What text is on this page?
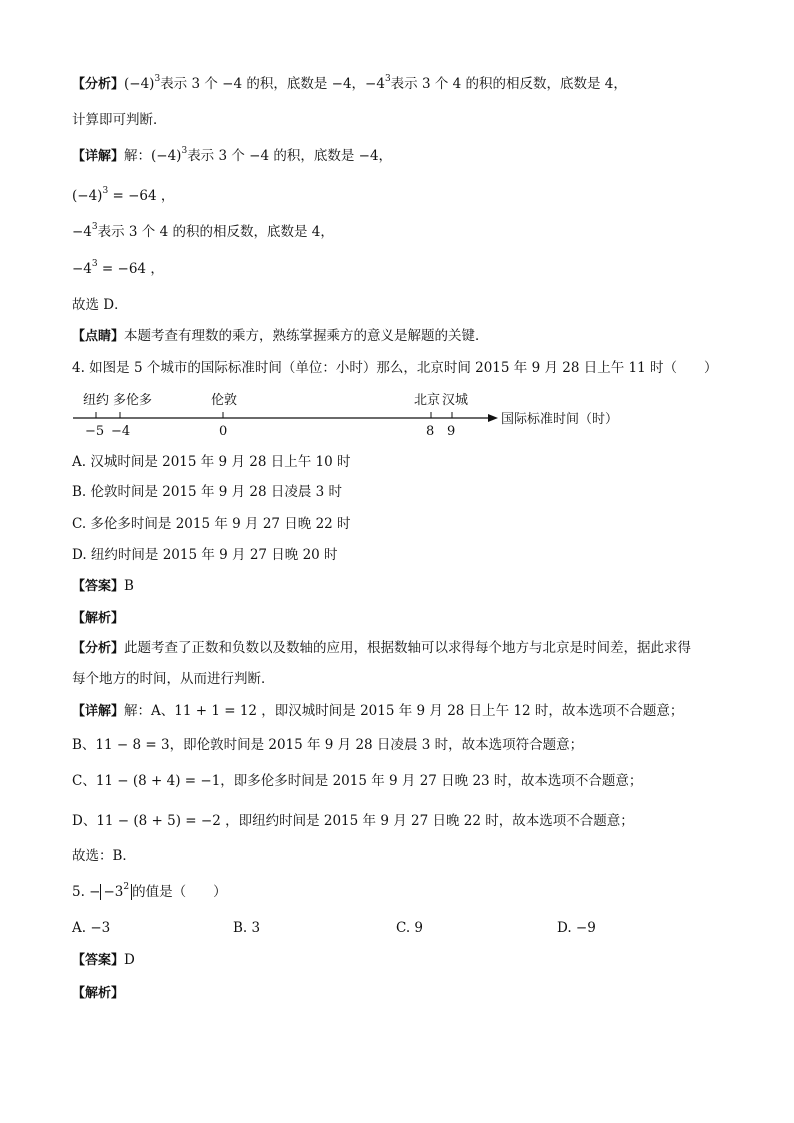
【分析】$(-4)^3$表示 3 个 −4 的积，底数是 −4，$-4^3$表示 3 个 4 的积的相反数，底数是 4，
计算即可判断．
【详解】解：$(-4)^3$表示 3 个 −4 的积，底数是 −4，
$(-4)^3 = -64$ ，
$-4^3$表示 3 个 4 的积的相反数，底数是 4，
$-4^3 = -64$ ，
故选 D．
【点睛】本题考查有理数的乘方，熟练掌握乘方的意义是解题的关键．
4. 如图是 5 个城市的国际标准时间（单位：小时）那么，北京时间 2015 年 9 月 28 日上午 11 时（　　）
纽约 多伦多	伦敦	北京 汉城
−5 −4	0	8 9
国际标准时间（时）
A. 汉城时间是 2015 年 9 月 28 日上午 10 时
B. 伦敦时间是 2015 年 9 月 28 日凌晨 3 时
C. 多伦多时间是 2015 年 9 月 27 日晚 22 时
D. 纽约时间是 2015 年 9 月 27 日晚 20 时
【答案】B
【解析】
【分析】此题考查了正数和负数以及数轴的应用，根据数轴可以求得每个地方与北京是时间差，据此求得
每个地方的时间，从而进行判断．
【详解】解：A、11 + 1 = 12 ，即汉城时间是 2015 年 9 月 28 日上午 12 时，故本选项不合题意；
B、11 − 8 = 3，即伦敦时间是 2015 年 9 月 28 日凌晨 3 时，故本选项符合题意；
C、11 − (8 + 4) = −1，即多伦多时间是 2015 年 9 月 27 日晚 23 时，故本选项不合题意；
D、11 − (8 + 5) = −2 ，即纽约时间是 2015 年 9 月 27 日晚 22 时，故本选项不合题意；
故选：B．
5. − $-3^2$ 的值是（　　）
A. −3	B. 3	C. 9	D. −9
【答案】D
【解析】
